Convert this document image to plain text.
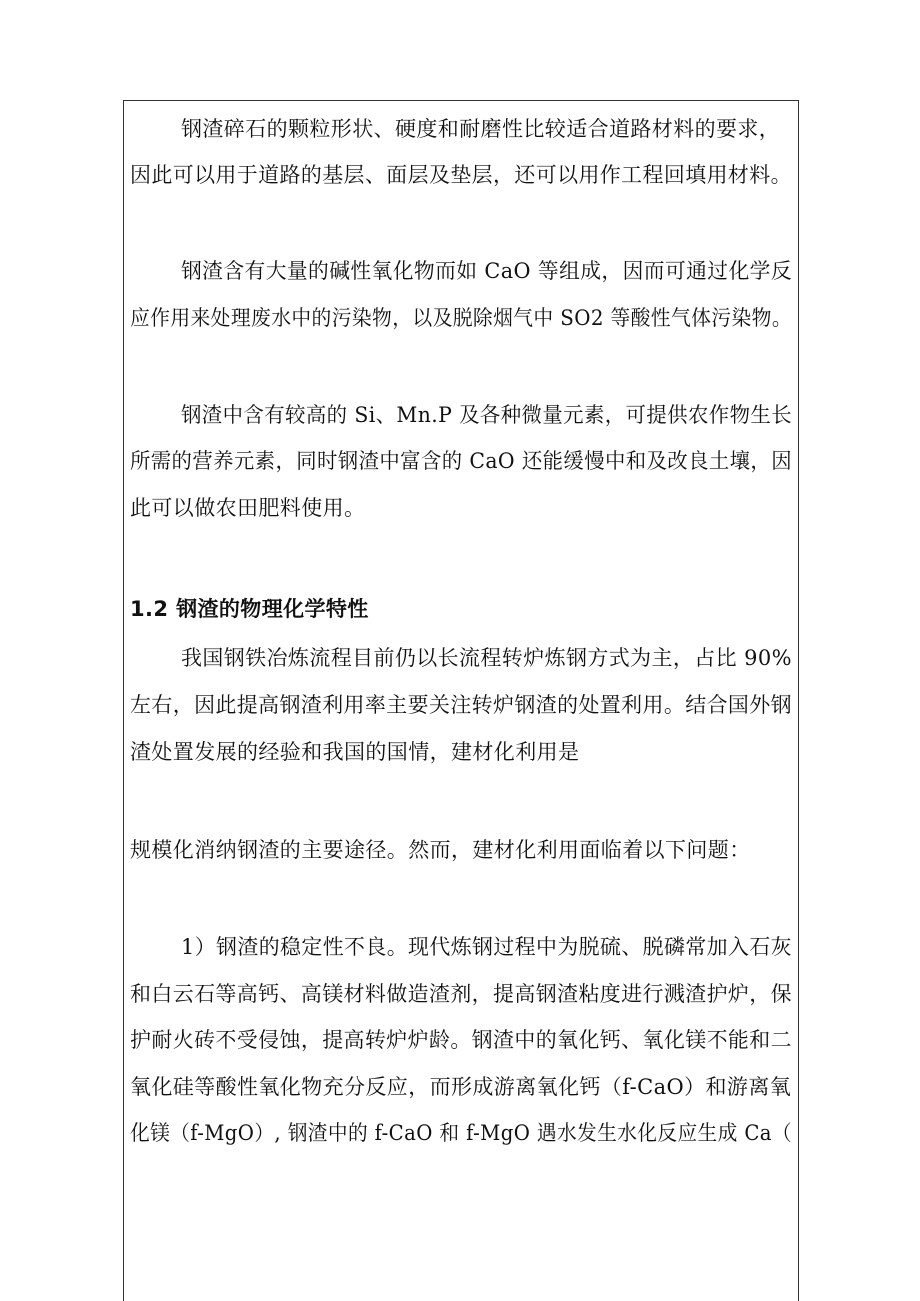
钢渣碎石的颗粒形状、硬度和耐磨性比较适合道路材料的要求，
因此可以用于道路的基层、面层及垫层，还可以用作工程回填用材料。
钢渣含有大量的碱性氧化物而如 CaO 等组成，因而可通过化学反
应作用来处理废水中的污染物，以及脱除烟气中 SO2 等酸性气体污染物。
钢渣中含有较高的 Si、Mn.P 及各种微量元素，可提供农作物生长
所需的营养元素，同时钢渣中富含的 CaO 还能缓慢中和及改良土壤，因
此可以做农田肥料使用。
1.2 钢渣的物理化学特性
我国钢铁冶炼流程目前仍以长流程转炉炼钢方式为主，占比 90%
左右，因此提高钢渣利用率主要关注转炉钢渣的处置利用。结合国外钢
渣处置发展的经验和我国的国情，建材化利用是
规模化消纳钢渣的主要途径。然而，建材化利用面临着以下问题：
1）钢渣的稳定性不良。现代炼钢过程中为脱硫、脱磷常加入石灰
和白云石等高钙、高镁材料做造渣剂，提高钢渣粘度进行溅渣护炉，保
护耐火砖不受侵蚀，提高转炉炉龄。钢渣中的氧化钙、氧化镁不能和二
氧化硅等酸性氧化物充分反应，而形成游离氧化钙（f-CaO）和游离氧
化镁（f-MgO）, 钢渣中的 f-CaO 和 f-MgO 遇水发生水化反应生成 Ca（
